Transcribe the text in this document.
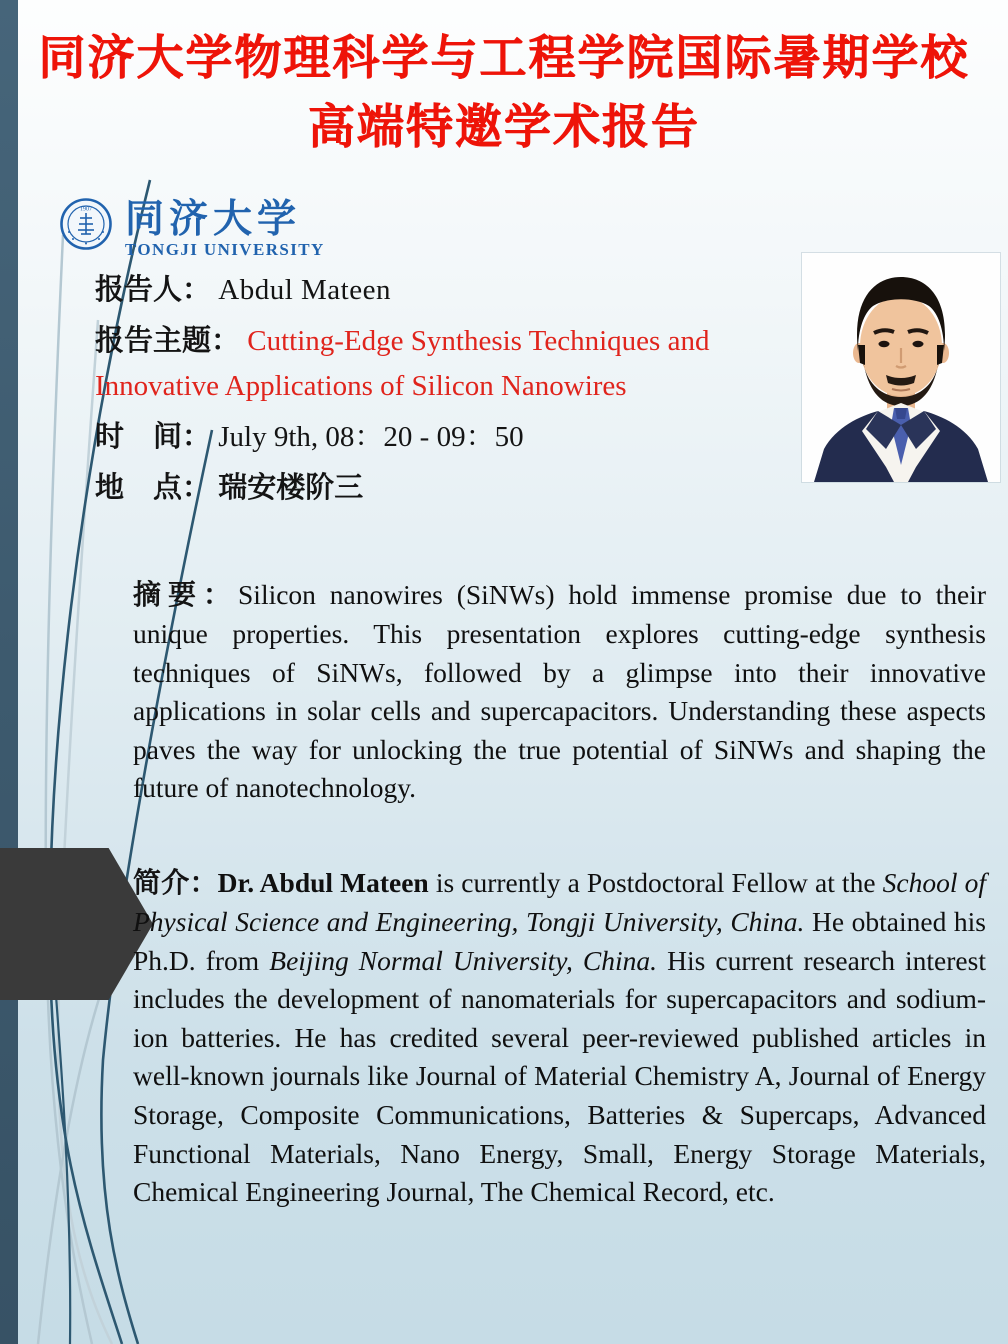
同济大学物理科学与工程学院国际暑期学校
高端特邀学术报告
1907 同济大学
TONGJI UNIVERSITY
报告人： Abdul Mateen
报告主题： Cutting-Edge Synthesis Techniques and Innovative Applications of Silicon Nanowires
时　间： July 9th, 08：20 - 09：50
地　点： 瑞安楼阶三

摘要：Silicon nanowires (SiNWs) hold immense promise due to their unique properties. This presentation explores cutting-edge synthesis techniques of SiNWs, followed by a glimpse into their innovative applications in solar cells and supercapacitors. Understanding these aspects paves the way for unlocking the true potential of SiNWs and shaping the future of nanotechnology.

简介：Dr. Abdul Mateen is currently a Postdoctoral Fellow at the School of Physical Science and Engineering, Tongji University, China. He obtained his Ph.D. from Beijing Normal University, China. His current research interest includes the development of nanomaterials for supercapacitors and sodium-ion batteries. He has credited several peer-reviewed published articles in well-known journals like Journal of Material Chemistry A, Journal of Energy Storage, Composite Communications, Batteries & Supercaps, Advanced Functional Materials, Nano Energy, Small, Energy Storage Materials, Chemical Engineering Journal, The Chemical Record, etc.
